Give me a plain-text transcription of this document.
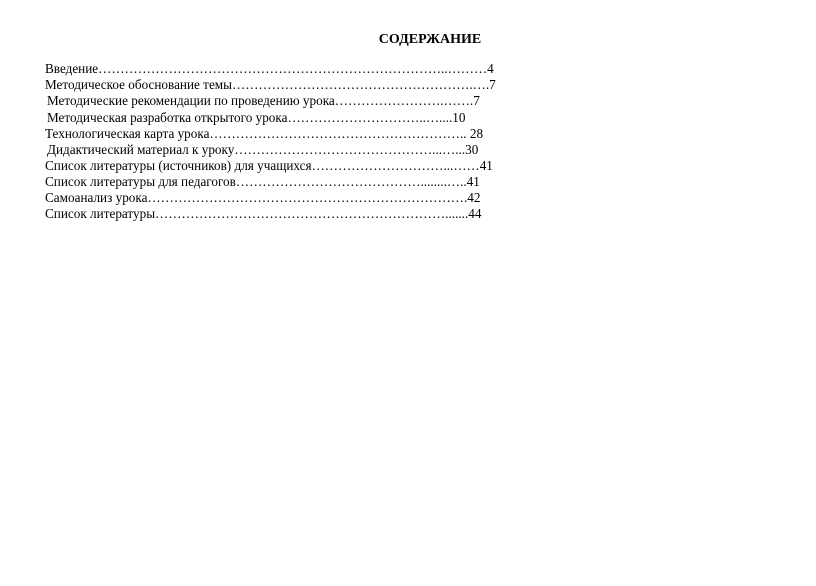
СОДЕРЖАНИЕ
Введение……………………………………………………………………..………4
Методическое обоснование темы……………………………………………….….7
Методические рекомендации по проведению урока…………………….…….7
Методическая разработка открытого урока…………………………..…....10
Технологическая карта урока………………………………………………….. 28
Дидактический материал к уроку………………………………………...…...30
Список литературы (источников) для учащихся…………………………...……41
Список литературы для педагогов……………………………………........…..41
Самоанализ урока……………………………………………………………….42
Список литературы………………………………………………………….......44
